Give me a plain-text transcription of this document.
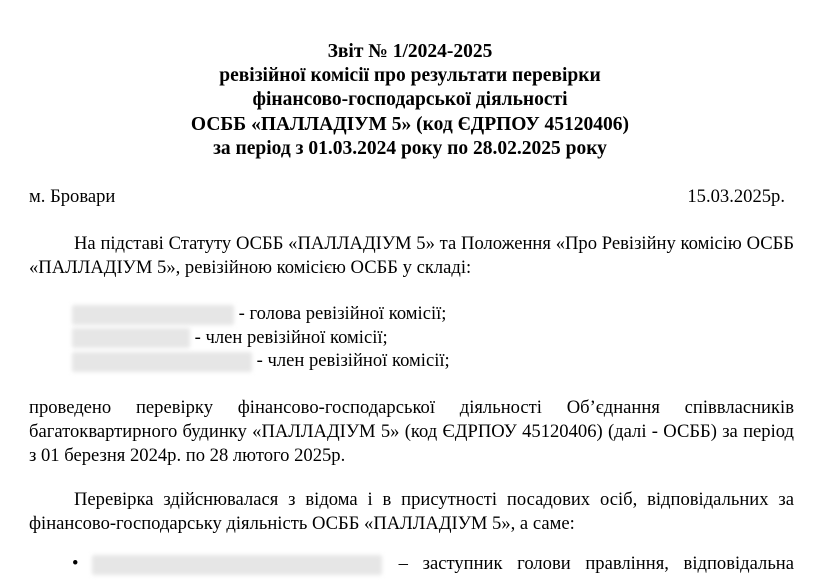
Звіт № 1/2024-2025
ревізійної комісії про результати перевірки
фінансово-господарської діяльності
ОСББ «ПАЛЛАДІУМ 5» (код ЄДРПОУ 45120406)
за період з 01.03.2024 року по 28.02.2025 року
м. Бровари	15.03.2025р.
На підставі Статуту ОСББ «ПАЛЛАДІУМ 5» та Положення «Про Ревізійну комісію ОСББ «ПАЛЛАДІУМ 5», ревізійною комісією ОСББ у складі:
- голова ревізійної комісії;
- член ревізійної комісії;
- член ревізійної комісії;
проведено перевірку фінансово-господарської діяльності Об’єднання співвласників багатоквартирного будинку «ПАЛЛАДІУМ 5» (код ЄДРПОУ 45120406) (далі - ОСББ) за період з 01 березня 2024р. по 28 лютого 2025р.
Перевірка здійснювалася з відома і в присутності посадових осіб, відповідальних за фінансово-господарську діяльність ОСББ «ПАЛЛАДІУМ 5», а саме:
•	– заступник голови правління, відповідальна
